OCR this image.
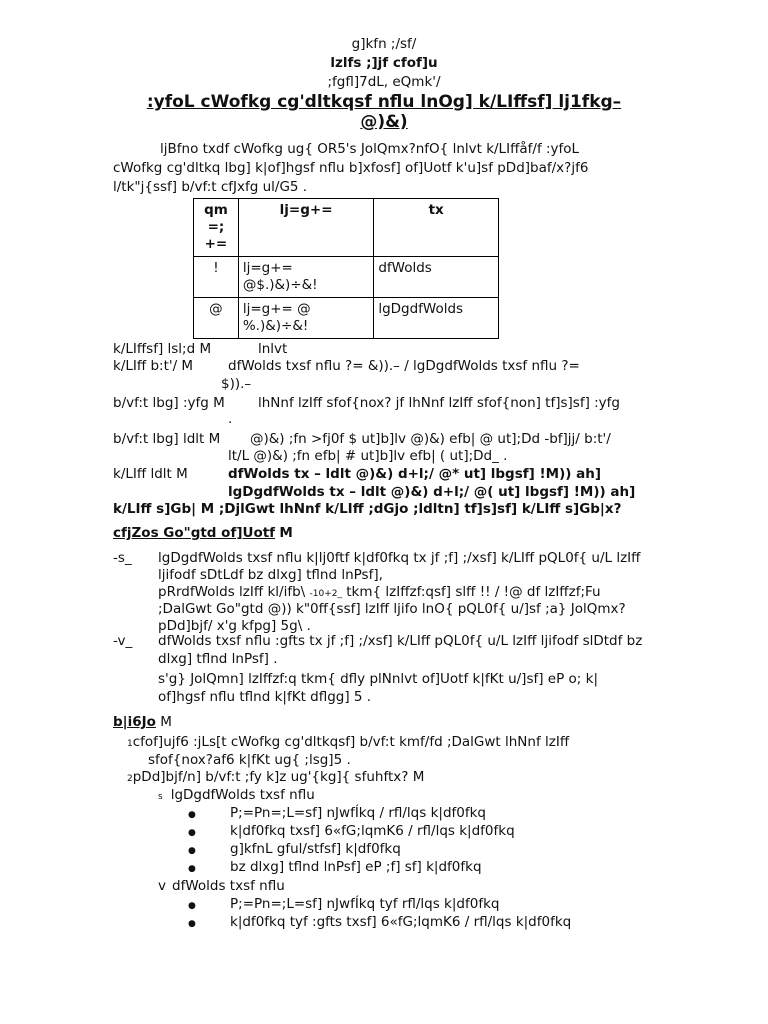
g]kfn ;/sf/
lzlfs ;]jf cfof]u
;fgfl]7dL, eQmk'/
:yfoL cWofkg cg'dltkqsf nflu lnOg] k/LIffsf] lj1fkg–
@)&)
ljBfno txdf cWofkg ug{ OR5's JolQmx?nfO{ lnlvt k/LIffåf/f :yfoL
cWofkg cg'dltkq lbg] k|of]hgsf nflu b]xfosf] of]Uotf k'u]sf pDd]baf/x?jf6
l/tk"j{ssf] b/vf:t cfJxfg ul/G5 .
qm =; +=	lj=g+=	tx
!	lj=g+= @$.)&)÷&!	dfWolds
@	lj=g+= @ %.)&)÷&!	lgDgdfWolds
k/LIffsf] lsl;d M	lnlvt
k/LIff b:t'/ M	dfWolds txsf nflu ?= &)).– / lgDgdfWolds txsf nflu ?=
$)).–
b/vf:t lbg] :yfg M lhNnf lzIff sfof{nox? jf lhNnf lzIff sfof{non] tf]s]sf] :yfg
.
b/vf:t lbg] ldlt M @)&) ;fn >fj0f $ ut]b]lv @)&) efb| @ ut];Dd -bf]jj/ b:t'/
lt/L @)&) ;fn efb| # ut]b]lv efb| ( ut];Dd_ .
k/LIff ldlt M	dfWolds tx – ldlt @)&) d+l;/ @* ut] lbgsf] !M)) ah]
lgDgdfWolds tx – ldlt @)&) d+l;/ @( ut] lbgsf] !M)) ah]
k/LIff s]Gb| M ;DjlGwt lhNnf k/LIff ;dGjo ;ldltn] tf]s]sf] k/LIff s]Gb|x?
cfjZos Go"gtd of]Uotf M
-s_ lgDgdfWolds txsf nflu k|lj0ftf k|df0fkq tx jf ;f] ;/xsf] k/LIff pQL0f{ u/L lzIff
ljifodf sDtLdf bz dlxg] tflnd lnPsf],
pRrdfWolds lzIff kl/ifb\ -10+2_ tkm{ lzIffzf:qsf] slff !! / !@ df lzIffzf;Fu
;DalGwt Go"gtd @)) k"0ff{ssf] lzIff ljifo lnO{ pQL0f{ u/]sf ;a} JolQmx?
pDd]bjf/ x'g kfpg] 5g\ .
-v_ dfWolds txsf nflu :gfts tx jf ;f] ;/xsf] k/LIff pQL0f{ u/L lzIff ljifodf slDtdf bz
dlxg] tflnd lnPsf] .
s'g} JolQmn] lzIffzf:q tkm{ dfly plNnlvt of]Uotf k|fKt u/]sf] eP o; k|
of]hgsf nflu tflnd k|fKt dflgg] 5 .
b|i6Jo M
1cfof]ujf6 :jLs[t cWofkg cg'dltkqsf] b/vf:t kmf/fd ;DalGwt lhNnf lzIff
sfof{nox?af6 k|fKt ug{ ;lsg]5 .
2pDd]bjf/n] b/vf:t ;fy k]z ug'{kg]{ sfuhftx? M
s lgDgdfWolds txsf nflu
●	P;=Pn=;L=sf] nJwfÍkq / rfl/lqs k|df0fkq
●	k|df0fkq txsf] 6«fG;lqmK6 / rfl/lqs k|df0fkq
●	g]kfnL gful/stfsf] k|df0fkq
●	bz dlxg] tflnd lnPsf] eP ;f] sf] k|df0fkq
v dfWolds txsf nflu
●	P;=Pn=;L=sf] nJwfÍkq tyf rfl/lqs k|df0fkq
●	k|df0fkq tyf :gfts txsf] 6«fG;lqmK6 / rfl/lqs k|df0fkq
